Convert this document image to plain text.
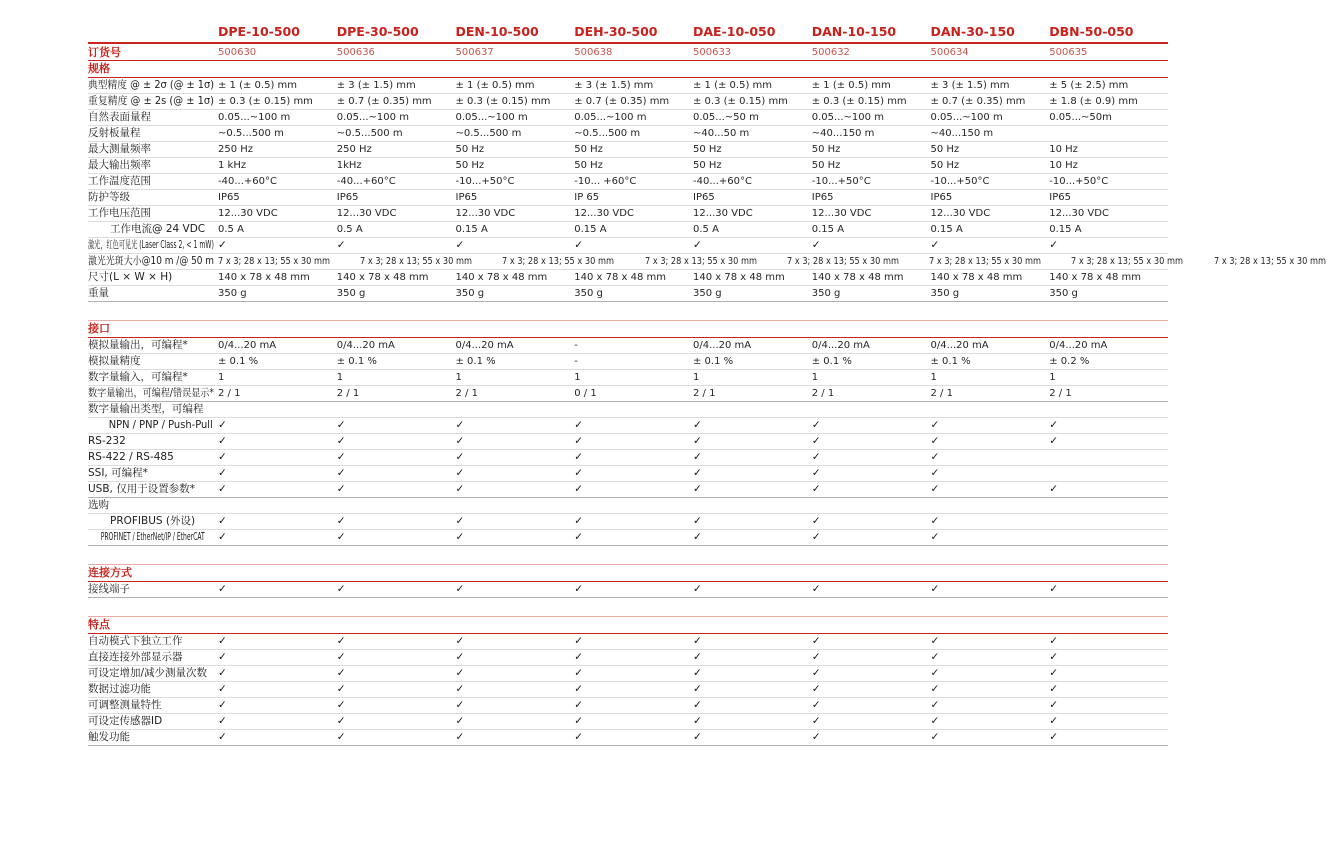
DPE-10-500	DPE-30-500	DEN-10-500	DEH-30-500	DAE-10-050	DAN-10-150	DAN-30-150	DBN-50-050
订货号	500630	500636	500637	500638	500633	500632	500634	500635
规格
典型精度 @ ± 2σ (@ ± 1σ) ± 1 (± 0.5) mm	± 3 (± 1.5) mm	± 1 (± 0.5) mm	± 3 (± 1.5) mm	± 1 (± 0.5) mm	± 1 (± 0.5) mm	± 3 (± 1.5) mm	± 5 (± 2.5) mm
重复精度 @ ± 2s (@ ± 1σ) ± 0.3 (± 0.15) mm	± 0.7 (± 0.35) mm	± 0.3 (± 0.15) mm	± 0.7 (± 0.35) mm	± 0.3 (± 0.15) mm	± 0.3 (± 0.15) mm	± 0.7 (± 0.35) mm	± 1.8 (± 0.9) mm
自然表面量程	0.05...~100 m	0.05...~100 m	0.05...~100 m	0.05...~100 m	0.05...~50 m	0.05...~100 m	0.05...~100 m	0.05...~50m
反射板量程	~0.5...500 m	~0.5...500 m	~0.5...500 m	~0.5...500 m	~40...50 m	~40...150 m	~40...150 m
最大测量频率	250 Hz	250 Hz	50 Hz	50 Hz	50 Hz	50 Hz	50 Hz	10 Hz
最大输出频率	1 kHz	1kHz	50 Hz	50 Hz	50 Hz	50 Hz	50 Hz	10 Hz
工作温度范围	-40...+60°C	-40...+60°C	-10...+50°C	-10... +60°C	-40...+60°C	-10...+50°C	-10...+50°C	-10...+50°C
防护等级	IP65	IP65	IP65	IP 65	IP65	IP65	IP65	IP65
工作电压范围	12...30 VDC	12...30 VDC	12...30 VDC	12...30 VDC	12...30 VDC	12...30 VDC	12...30 VDC	12...30 VDC
工作电流@ 24 VDC	0.5 A	0.5 A	0.15 A	0.15 A	0.5 A	0.15 A	0.15 A	0.15 A
激光，红色可见光 (Laser Class 2, < 1 mW) ✓	✓	✓	✓	✓	✓	✓	✓
激光光斑大小@10 m /@ 50 m 7 x 3; 28 x 13; 55 x 30 mm	7 x 3; 28 x 13; 55 x 30 mm	7 x 3; 28 x 13; 55 x 30 mm	7 x 3; 28 x 13; 55 x 30 mm	7 x 3; 28 x 13; 55 x 30 mm	7 x 3; 28 x 13; 55 x 30 mm	7 x 3; 28 x 13; 55 x 30 mm	7 x 3; 28 x 13; 55 x 30 mm
尺寸(L × W × H)	140 x 78 x 48 mm	140 x 78 x 48 mm	140 x 78 x 48 mm	140 x 78 x 48 mm	140 x 78 x 48 mm	140 x 78 x 48 mm	140 x 78 x 48 mm	140 x 78 x 48 mm
重量	350 g	350 g	350 g	350 g	350 g	350 g	350 g	350 g
接口
模拟量输出，可编程*	0/4...20 mA	0/4...20 mA	0/4...20 mA	-	0/4...20 mA	0/4...20 mA	0/4...20 mA	0/4...20 mA
模拟量精度	± 0.1 %	± 0.1 %	± 0.1 %	-	± 0.1 %	± 0.1 %	± 0.1 %	± 0.2 %
数字量输入，可编程*	1	1	1	1	1	1	1	1
数字量输出，可编程/错误显示* 2 / 1	2 / 1	2 / 1	0 / 1	2 / 1	2 / 1	2 / 1	2 / 1
数字量输出类型，可编程
NPN / PNP / Push-Pull ✓	✓	✓	✓	✓	✓	✓	✓
RS-232	✓	✓	✓	✓	✓	✓	✓	✓
RS-422 / RS-485	✓	✓	✓	✓	✓	✓	✓
SSI, 可编程*	✓	✓	✓	✓	✓	✓	✓
USB, 仅用于设置参数*	✓	✓	✓	✓	✓	✓	✓	✓
选购
PROFIBUS (外设)	✓	✓	✓	✓	✓	✓	✓
PROFINET / EtherNet/IP / EtherCAT ✓	✓	✓	✓	✓	✓	✓
连接方式
接线端子	✓	✓	✓	✓	✓	✓	✓	✓
特点
自动模式下独立工作	✓	✓	✓	✓	✓	✓	✓	✓
直接连接外部显示器	✓	✓	✓	✓	✓	✓	✓	✓
可设定增加/减少测量次数	✓	✓	✓	✓	✓	✓	✓	✓
数据过滤功能	✓	✓	✓	✓	✓	✓	✓	✓
可调整测量特性	✓	✓	✓	✓	✓	✓	✓	✓
可设定传感器ID	✓	✓	✓	✓	✓	✓	✓	✓
触发功能	✓	✓	✓	✓	✓	✓	✓	✓
